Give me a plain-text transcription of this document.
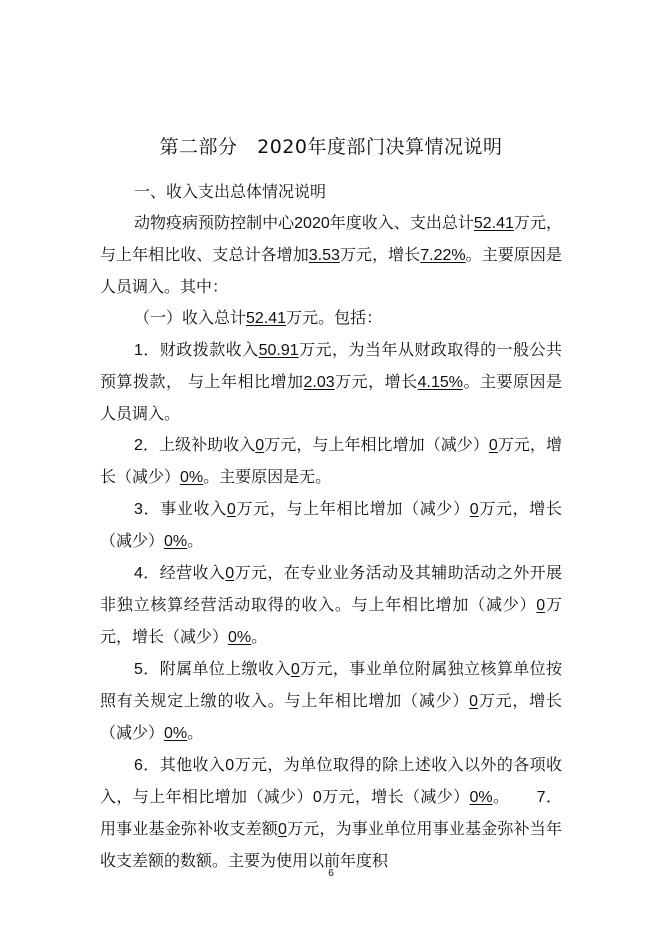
第二部分 2020年度部门决算情况说明

一、收入支出总体情况说明

动物疫病预防控制中心2020年度收入、支出总计52.41万元，与上年相比收、支总计各增加3.53万元，增长7.22%。主要原因是人员调入。其中：

（一）收入总计52.41万元。包括：

1．财政拨款收入50.91万元，为当年从财政取得的一般公共预算拨款， 与上年相比增加2.03万元，增长4.15%。主要原因是人员调入。

2．上级补助收入0万元，与上年相比增加（减少）0万元，增长（减少）0%。主要原因是无。

3．事业收入0万元，与上年相比增加（减少）0万元，增长（减少）0%。

4．经营收入0万元，在专业业务活动及其辅助活动之外开展非独立核算经营活动取得的收入。与上年相比增加（减少）0万元，增长（减少）0%。

5．附属单位上缴收入0万元，事业单位附属独立核算单位按照有关规定上缴的收入。与上年相比增加（减少）0万元，增长（减少）0%。

6．其他收入0万元，为单位取得的除上述收入以外的各项收入，与上年相比增加（减少）0万元，增长（减少）0%。 7．用事业基金弥补收支差额0万元，为事业单位用事业基金弥补当年收支差额的数额。主要为使用以前年度积

6
